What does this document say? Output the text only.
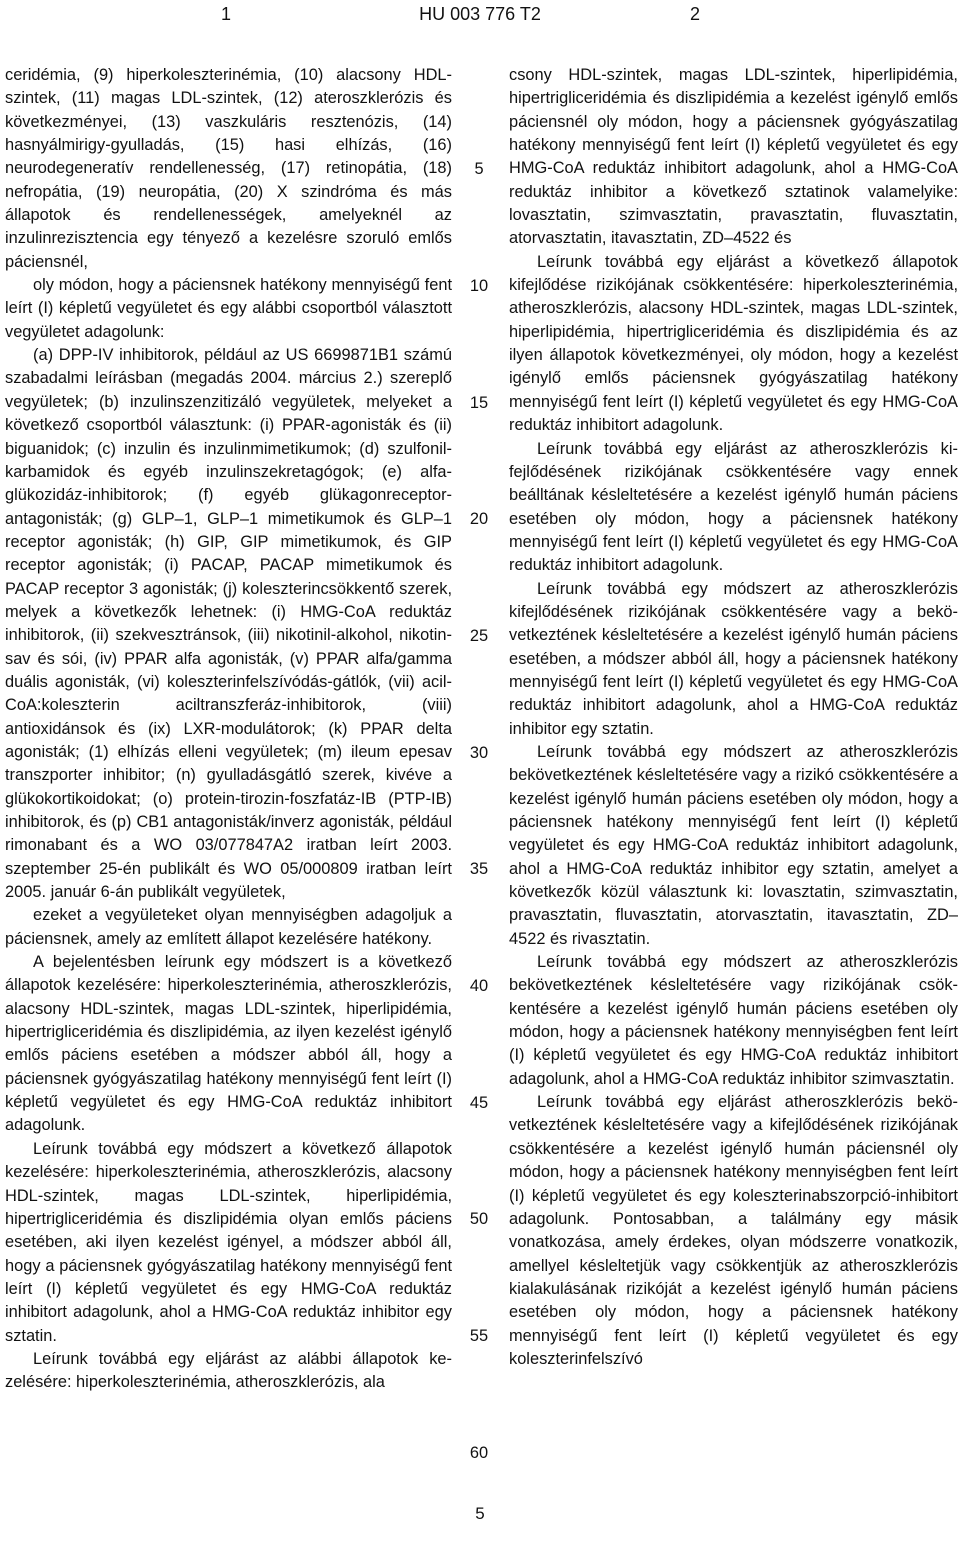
1	HU 003 776 T2	2

ceridémia, (9) hiperkoleszterinémia, (10) alacsony HDL-szintek, (11) magas LDL-szintek, (12) ateroszklerózis és következményei, (13) vaszkuláris resztenózis, (14) hasnyálmirigy-gyulladás, (15) hasi elhízás, (16) neurodegeneratív rendellenesség, (17) retinopátia, (18) nefropátia, (19) neuropátia, (20) X szindróma és más állapotok és rendellenességek, amelyeknél az inzulinrezisztencia egy tényező a kezelésre szoruló emlős páciensnél,

oly módon, hogy a páciensnek hatékony mennyiségű fent leírt (I) képletű vegyületet és egy alábbi csoportból választott vegyületet adagolunk:

(a) DPP-IV inhibitorok, például az US 6699871B1 számú szabadalmi leírásban (megadás 2004. március 2.) szereplő vegyületek; (b) inzulinszenzitizáló vegyületek, melyeket a következő csoportból választunk: (i) PPAR-agonisták és (ii) biguanidok; (c) inzulin és inzulinmimetikumok; (d) szulfonil-karbamidok és egyéb inzulinszekretagógok; (e) alfa-glükozidáz-inhibitorok; (f) egyéb glükagonreceptor-antagonisták; (g) GLP–1, GLP–1 mimetikumok és GLP–1 receptor agonisták; (h) GIP, GIP mimetikumok, és GIP receptor agonisták; (i) PACAP, PACAP mimetikumok és PACAP receptor 3 agonisták; (j) koleszterincsökkentő szerek, melyek a következők lehetnek: (i) HMG-CoA reduktáz inhibitorok, (ii) szekvesztránsok, (iii) nikotinil-alkohol, nikotinsav és sói, (iv) PPAR alfa agonisták, (v) PPAR alfa/gamma duális agonisták, (vi) koleszterinfelszívódás-gátlók, (vii) acil-CoA:koleszterin aciltranszferáz-inhibitorok, (viii) antioxidánsok és (ix) LXR-modulátorok; (k) PPAR delta agonisták; (1) elhízás elleni vegyületek; (m) ileum epesav transzporter inhibitor; (n) gyulladásgátló szerek, kivéve a glükokortikoidokat; (o) protein-tirozin-foszfatáz-IB (PTP-IB) inhibitorok, és (p) CB1 antagonisták/inverz agonisták, például rimonabant és a WO 03/077847A2 iratban leírt 2003. szeptember 25-én publikált és WO 05/000809 iratban leírt 2005. január 6-án publikált vegyületek,

ezeket a vegyületeket olyan mennyiségben adagoljuk a páciensnek, amely az említett állapot kezelésére hatékony.

A bejelentésben leírunk egy módszert is a következő állapotok kezelésére: hiperkoleszterinémia, atheroszklerózis, alacsony HDL-szintek, magas LDL-szintek, hiperlipidémia, hipertrigliceridémia és diszlipidémia, az ilyen kezelést igénylő emlős páciens esetében a módszer abból áll, hogy a páciensnek gyógyászatilag hatékony mennyiségű fent leírt (I) képletű vegyületet és egy HMG-CoA reduktáz inhibitort adagolunk.

Leírunk továbbá egy módszert a következő állapotok kezelésére: hiperkoleszterinémia, atheroszklerózis, alacsony HDL-szintek, magas LDL-szintek, hiperlipidémia, hipertrigliceridémia és diszlipidémia olyan emlős páciens esetében, aki ilyen kezelést igényel, a módszer abból áll, hogy a páciensnek gyógyászatilag hatékony mennyiségű fent leírt (I) képletű vegyületet és egy HMG-CoA reduktáz inhibitort adagolunk, ahol a HMG-CoA reduktáz inhibitor egy sztatin.

Leírunk továbbá egy eljárást az alábbi állapotok kezelésére: hiperkoleszterinémia, atheroszklerózis, ala

5
10
15
20
25
30
35
40
45
50
55
60

csony HDL-szintek, magas LDL-szintek, hiperlipidémia, hipertrigliceridémia és diszlipidémia a kezelést igénylő emlős páciensnél oly módon, hogy a páciensnek gyógyászatilag hatékony mennyiségű fent leírt (I) képletű vegyületet és egy HMG-CoA reduktáz inhibitort adagolunk, ahol a HMG-CoA reduktáz inhibitor a következő sztatinok valamelyike: lovasztatin, szimvasztatin, pravasztatin, fluvasztatin, atorvasztatin, itavasztatin, ZD–4522 és

Leírunk továbbá egy eljárást a következő állapotok kifejlődése rizikójának csökkentésére: hiperkoleszterinémia, atheroszklerózis, alacsony HDL-szintek, magas LDL-szintek, hiperlipidémia, hipertrigliceridémia és diszlipidémia és az ilyen állapotok következményei, oly módon, hogy a kezelést igénylő emlős páciensnek gyógyászatilag hatékony mennyiségű fent leírt (I) képletű vegyületet és egy HMG-CoA reduktáz inhibitort adagolunk.

Leírunk továbbá egy eljárást az atheroszklerózis kifejlődésének rizikójának csökkentésére vagy ennek beálltának késleltetésére a kezelést igénylő humán páciens esetében oly módon, hogy a páciensnek hatékony mennyiségű fent leírt (I) képletű vegyületet és egy HMG-CoA reduktáz inhibitort adagolunk.

Leírunk továbbá egy módszert az atheroszklerózis kifejlődésének rizikójának csökkentésére vagy a bekövetkeztének késleltetésére a kezelést igénylő humán páciens esetében, a módszer abból áll, hogy a páciensnek hatékony mennyiségű fent leírt (I) képletű vegyületet és egy HMG-CoA reduktáz inhibitort adagolunk, ahol a HMG-CoA reduktáz inhibitor egy sztatin.

Leírunk továbbá egy módszert az atheroszklerózis bekövetkeztének késleltetésére vagy a rizikó csökkentésére a kezelést igénylő humán páciens esetében oly módon, hogy a páciensnek hatékony mennyiségű fent leírt (I) képletű vegyületet és egy HMG-CoA reduktáz inhibitort adagolunk, ahol a HMG-CoA reduktáz inhibitor egy sztatin, amelyet a következők közül választunk ki: lovasztatin, szimvasztatin, pravasztatin, fluvasztatin, atorvasztatin, itavasztatin, ZD–4522 és rivasztatin.

Leírunk továbbá egy módszert az atheroszklerózis bekövetkeztének késleltetésére vagy rizikójának csökkentésére a kezelést igénylő humán páciens esetében oly módon, hogy a páciensnek hatékony mennyiségben fent leírt (I) képletű vegyületet és egy HMG-CoA reduktáz inhibitort adagolunk, ahol a HMG-CoA reduktáz inhibitor szimvasztatin.

Leírunk továbbá egy eljárást atheroszklerózis bekövetkeztének késleltetésére vagy a kifejlődésének rizikójának csökkentésére a kezelést igénylő humán páciensnél oly módon, hogy a páciensnek hatékony mennyiségben fent leírt (I) képletű vegyületet és egy koleszterinabszorpció-inhibitort adagolunk. Pontosabban, a találmány egy másik vonatkozása, amely érdekes, olyan módszerre vonatkozik, amellyel késleltetjük vagy csökkentjük az atheroszklerózis kialakulásának rizikóját a kezelést igénylő humán páciens esetében oly módon, hogy a páciensnek hatékony mennyiségű fent leírt (I) képletű vegyületet és egy koleszterinfelszívó

5
